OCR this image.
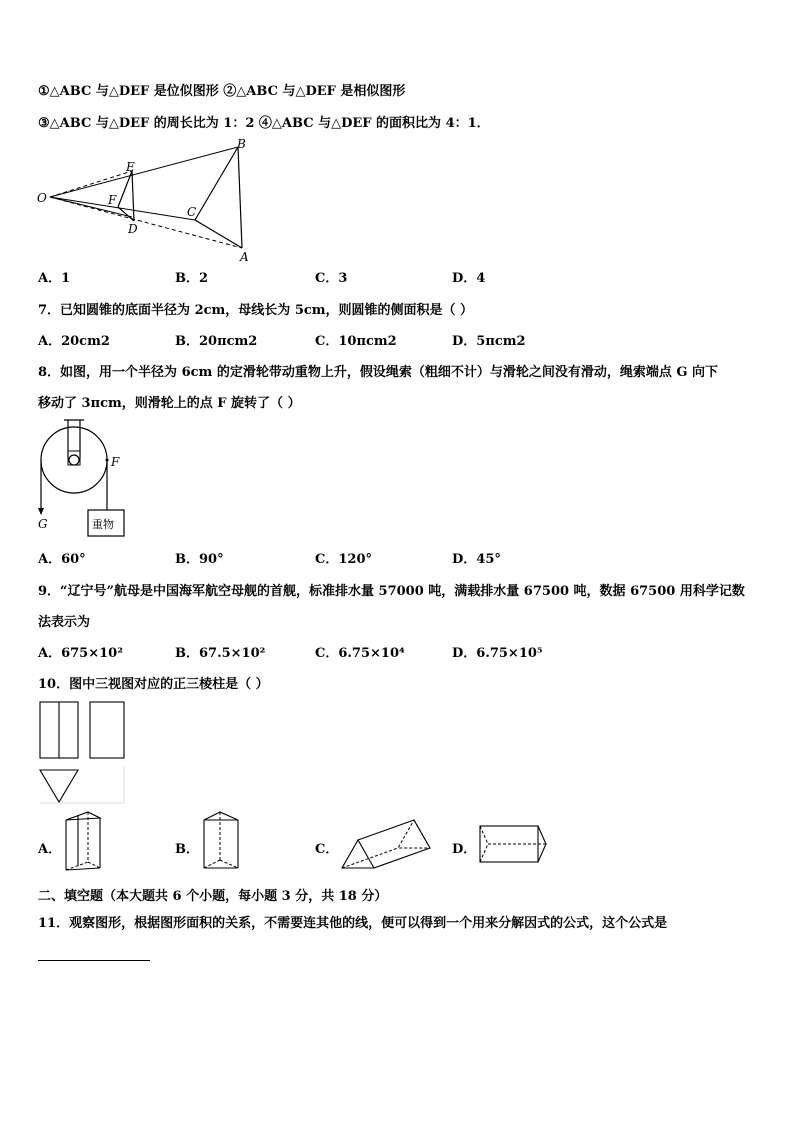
①△ABC 与△DEF 是位似图形 ②△ABC 与△DEF 是相似图形
③△ABC 与△DEF 的周长比为 1：2 ④△ABC 与△DEF 的面积比为 4：1．
O
E
F
D
C
B
A
A．1	B．2	C．3	D．4
7．已知圆锥的底面半径为 2cm，母线长为 5cm，则圆锥的侧面积是（ ）
A．20cm2	B．20πcm2	C．10πcm2	D．5πcm2
8．如图，用一个半径为 6cm 的定滑轮带动重物上升，假设绳索（粗细不计）与滑轮之间没有滑动，绳索端点 G 向下
移动了 3πcm，则滑轮上的点 F 旋转了（ ）
F
G	重物
A．60°	B．90°	C．120°	D．45°
9．“辽宁号”航母是中国海军航空母舰的首舰，标准排水量 57000 吨，满载排水量 67500 吨，数据 67500 用科学记数
法表示为
A．675×10²	B．67.5×10²	C．6.75×10⁴	D．6.75×10⁵
10．图中三视图对应的正三棱柱是（ ）
A．	B．	C．	D．
二、填空题（本大题共 6 个小题，每小题 3 分，共 18 分）
11．观察图形，根据图形面积的关系，不需要连其他的线，便可以得到一个用来分解因式的公式，这个公式是
